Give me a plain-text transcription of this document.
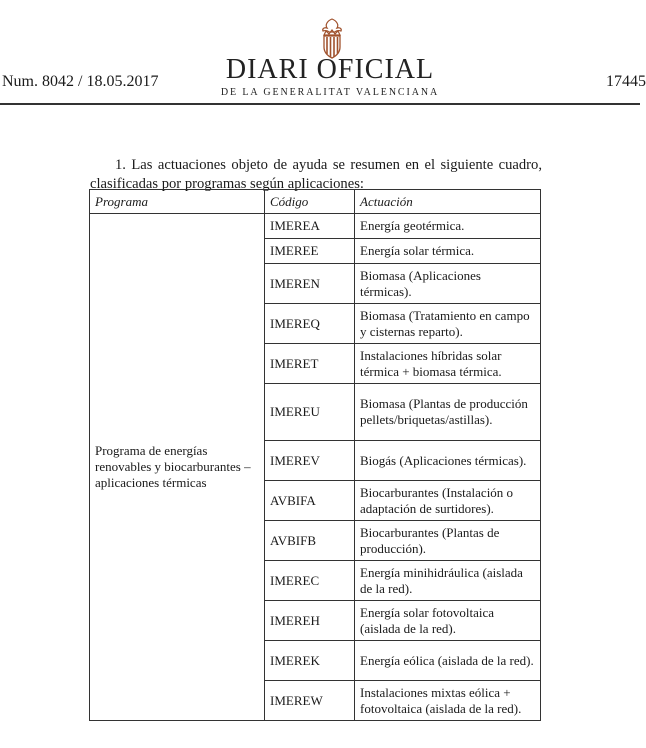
Num. 8042 / 18.05.2017	DIARI OFICIAL
DE LA GENERALITAT VALENCIANA
17445

1. Las actuaciones objeto de ayuda se resumen en el siguiente cuadro, clasificadas por programas según aplicaciones:

Programa	Código	Actuación
Programa de energías renovables y biocarburantes – aplicaciones térmicas	IMEREA	Energía geotérmica.
	IMEREE	Energía solar térmica.
	IMEREN	Biomasa (Aplicaciones térmicas).
	IMEREQ	Biomasa (Tratamiento en campo y cisternas reparto).
	IMERET	Instalaciones híbridas solar térmica + biomasa térmica.
	IMEREU	Biomasa (Plantas de producción pellets/briquetas/astillas).
	IMEREV	Biogás (Aplicaciones térmicas).
	AVBIFA	Biocarburantes (Instalación o adaptación de surtidores).
	AVBIFB	Biocarburantes (Plantas de producción).
	IMEREC	Energía minihidráulica (aislada de la red).
	IMEREH	Energía solar fotovoltaica (aislada de la red).
	IMEREK	Energía eólica (aislada de la red).
	IMEREW	Instalaciones mixtas eólica + fotovoltaica (aislada de la red).
